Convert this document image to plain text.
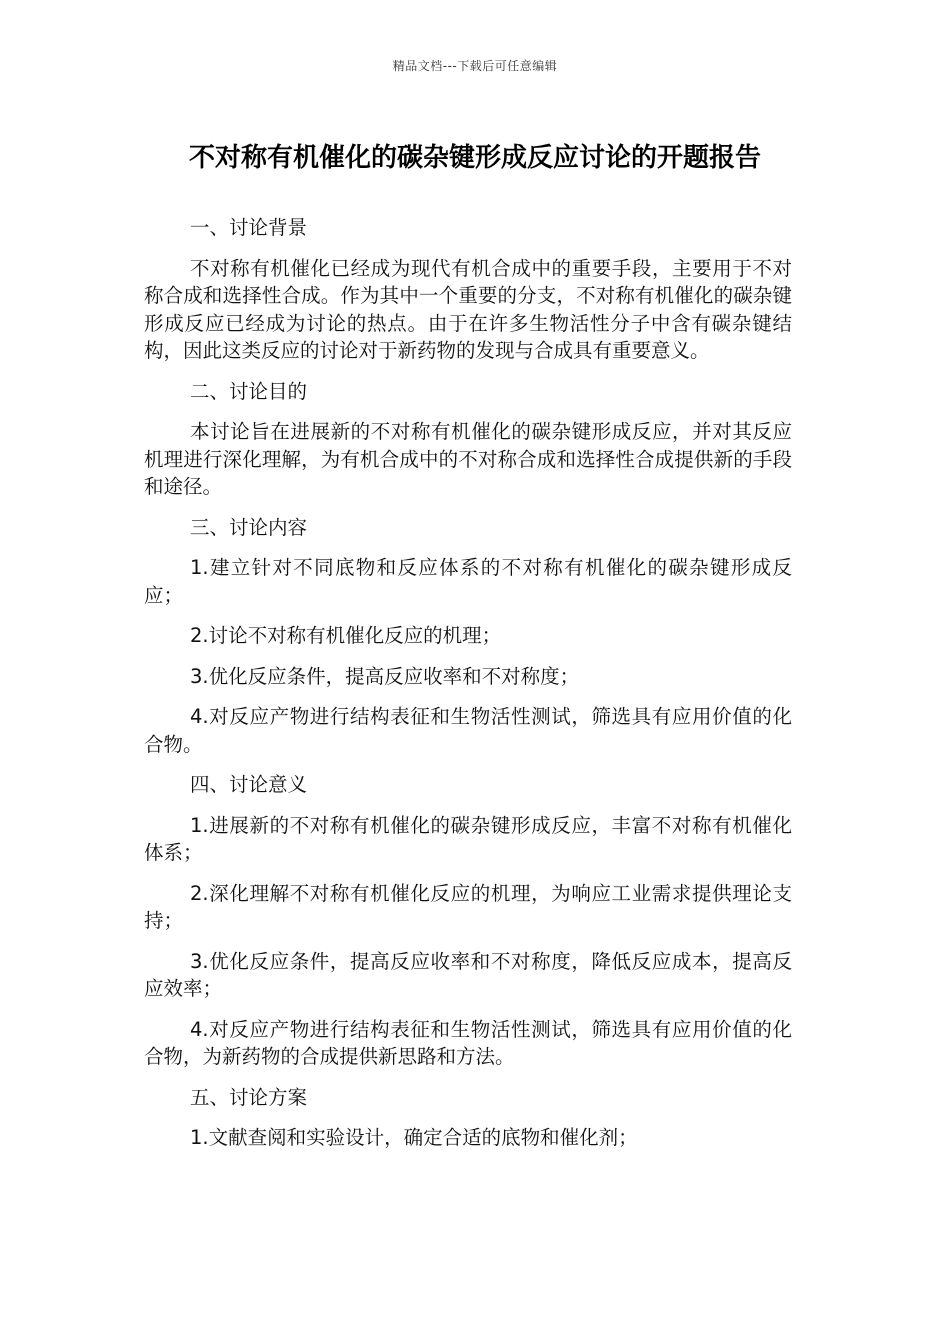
精品文档---下载后可任意编辑
不对称有机催化的碳杂键形成反应讨论的开题报告

一、讨论背景

不对称有机催化已经成为现代有机合成中的重要手段，主要用于不对称合成和选择性合成。作为其中一个重要的分支，不对称有机催化的碳杂键形成反应已经成为讨论的热点。由于在许多生物活性分子中含有碳杂键结构，因此这类反应的讨论对于新药物的发现与合成具有重要意义。

二、讨论目的

本讨论旨在进展新的不对称有机催化的碳杂键形成反应，并对其反应机理进行深化理解，为有机合成中的不对称合成和选择性合成提供新的手段和途径。

三、讨论内容

1.建立针对不同底物和反应体系的不对称有机催化的碳杂键形成反应；

2.讨论不对称有机催化反应的机理；

3.优化反应条件，提高反应收率和不对称度；

4.对反应产物进行结构表征和生物活性测试，筛选具有应用价值的化合物。

四、讨论意义

1.进展新的不对称有机催化的碳杂键形成反应，丰富不对称有机催化体系；

2.深化理解不对称有机催化反应的机理，为响应工业需求提供理论支持；

3.优化反应条件，提高反应收率和不对称度，降低反应成本，提高反应效率；

4.对反应产物进行结构表征和生物活性测试，筛选具有应用价值的化合物，为新药物的合成提供新思路和方法。

五、讨论方案

1.文献查阅和实验设计，确定合适的底物和催化剂；
